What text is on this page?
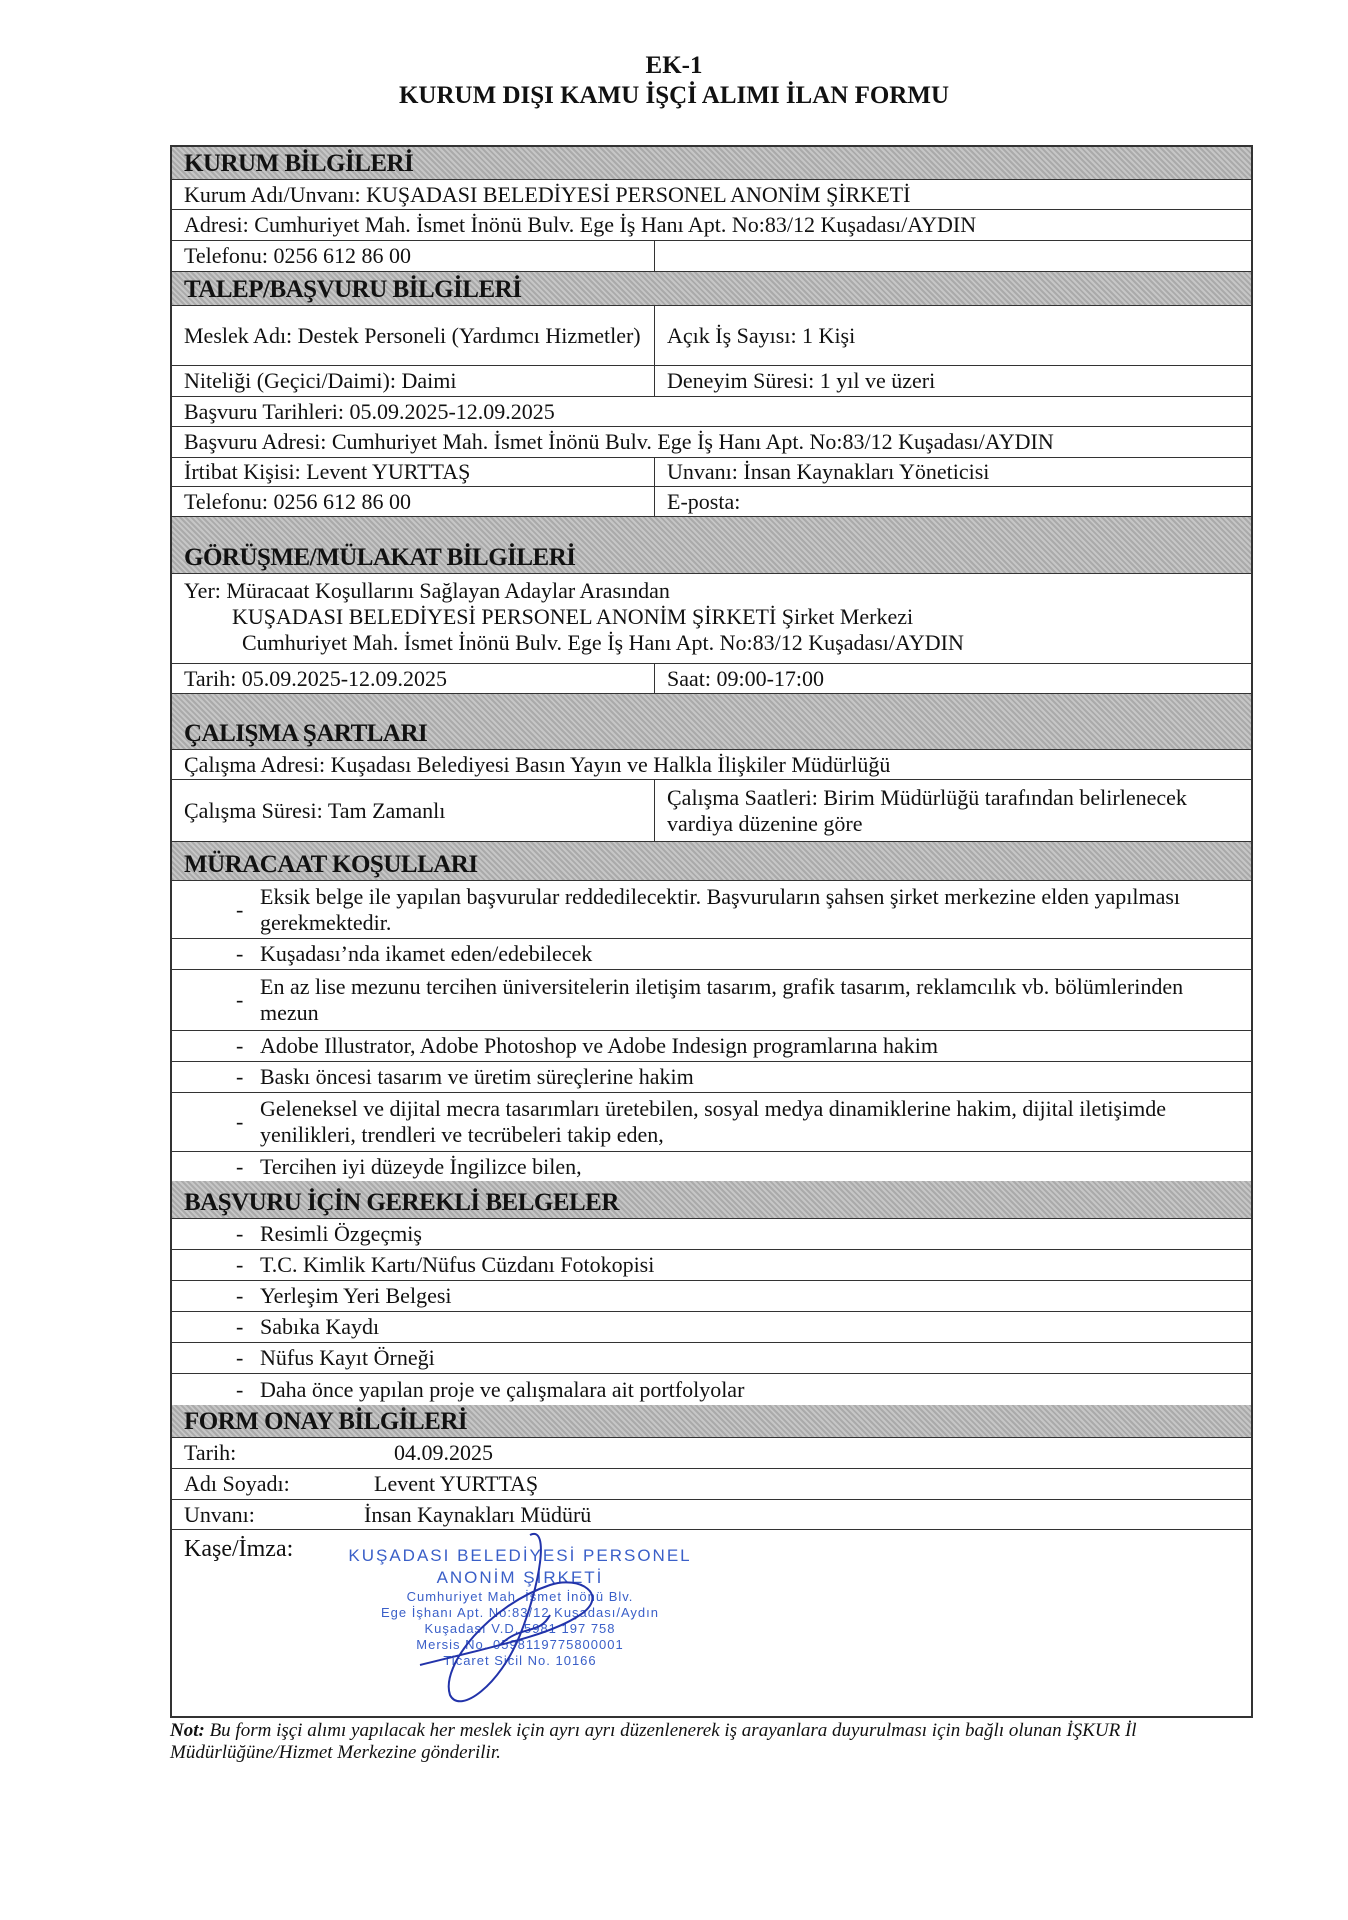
EK-1
KURUM DIŞI KAMU İŞÇİ ALIMI İLAN FORMU
KURUM BİLGİLERİ
Kurum Adı/Unvanı: KUŞADASI BELEDİYESİ PERSONEL ANONİM ŞİRKETİ
Adresi: Cumhuriyet Mah. İsmet İnönü Bulv. Ege İş Hanı Apt. No:83/12 Kuşadası/AYDIN
Telefonu: 0256 612 86 00
TALEP/BAŞVURU BİLGİLERİ
Meslek Adı: Destek Personeli (Yardımcı Hizmetler)	Açık İş Sayısı: 1 Kişi
Niteliği (Geçici/Daimi): Daimi	Deneyim Süresi: 1 yıl ve üzeri
Başvuru Tarihleri: 05.09.2025-12.09.2025
Başvuru Adresi: Cumhuriyet Mah. İsmet İnönü Bulv. Ege İş Hanı Apt. No:83/12 Kuşadası/AYDIN
İrtibat Kişisi: Levent YURTTAŞ	Unvanı: İnsan Kaynakları Yöneticisi
Telefonu: 0256 612 86 00	E-posta:
GÖRÜŞME/MÜLAKAT BİLGİLERİ
Yer: Müracaat Koşullarını Sağlayan Adaylar Arasından
KUŞADASI BELEDİYESİ PERSONEL ANONİM ŞİRKETİ Şirket Merkezi
Cumhuriyet Mah. İsmet İnönü Bulv. Ege İş Hanı Apt. No:83/12 Kuşadası/AYDIN
Tarih: 05.09.2025-12.09.2025	Saat: 09:00-17:00
ÇALIŞMA ŞARTLARI
Çalışma Adresi: Kuşadası Belediyesi Basın Yayın ve Halkla İlişkiler Müdürlüğü
Çalışma Süresi: Tam Zamanlı
Çalışma Saatleri: Birim Müdürlüğü tarafından belirlenecek vardiya düzenine göre
MÜRACAAT KOŞULLARI
-
Eksik belge ile yapılan başvurular reddedilecektir. Başvuruların şahsen şirket merkezine elden yapılması gerekmektedir.
- Kuşadası’nda ikamet eden/edebilecek
-
En az lise mezunu tercihen üniversitelerin iletişim tasarım, grafik tasarım, reklamcılık vb. bölümlerinden mezun
- Adobe Illustrator, Adobe Photoshop ve Adobe Indesign programlarına hakim
- Baskı öncesi tasarım ve üretim süreçlerine hakim
-
Geleneksel ve dijital mecra tasarımları üretebilen, sosyal medya dinamiklerine hakim, dijital iletişimde yenilikleri, trendleri ve tecrübeleri takip eden,
- Tercihen iyi düzeyde İngilizce bilen,
BAŞVURU İÇİN GEREKLİ BELGELER
- Resimli Özgeçmiş
- T.C. Kimlik Kartı/Nüfus Cüzdanı Fotokopisi
- Yerleşim Yeri Belgesi
- Sabıka Kaydı
- Nüfus Kayıt Örneği
- Daha önce yapılan proje ve çalışmalara ait portfolyolar
FORM ONAY BİLGİLERİ
Tarih:	04.09.2025
Adı Soyadı:	Levent YURTTAŞ
Unvanı:	İnsan Kaynakları Müdürü
Kaşe/İmza:	KUŞADASI BELEDİYESİ PERSONEL
ANONİM ŞİRKETİ
Cumhuriyet Mah. İsmet İnönü Blv.
Ege İşhanı Apt. No:83/12 Kuşadası/Aydın
Kuşadası V.D. 5981 197 758
Mersis No. 0598119775800001
Ticaret Sicil No. 10166
Not: Bu form işçi alımı yapılacak her meslek için ayrı ayrı düzenlenerek iş arayanlara duyurulması için bağlı olunan İŞKUR İl Müdürlüğüne/Hizmet Merkezine gönderilir.
